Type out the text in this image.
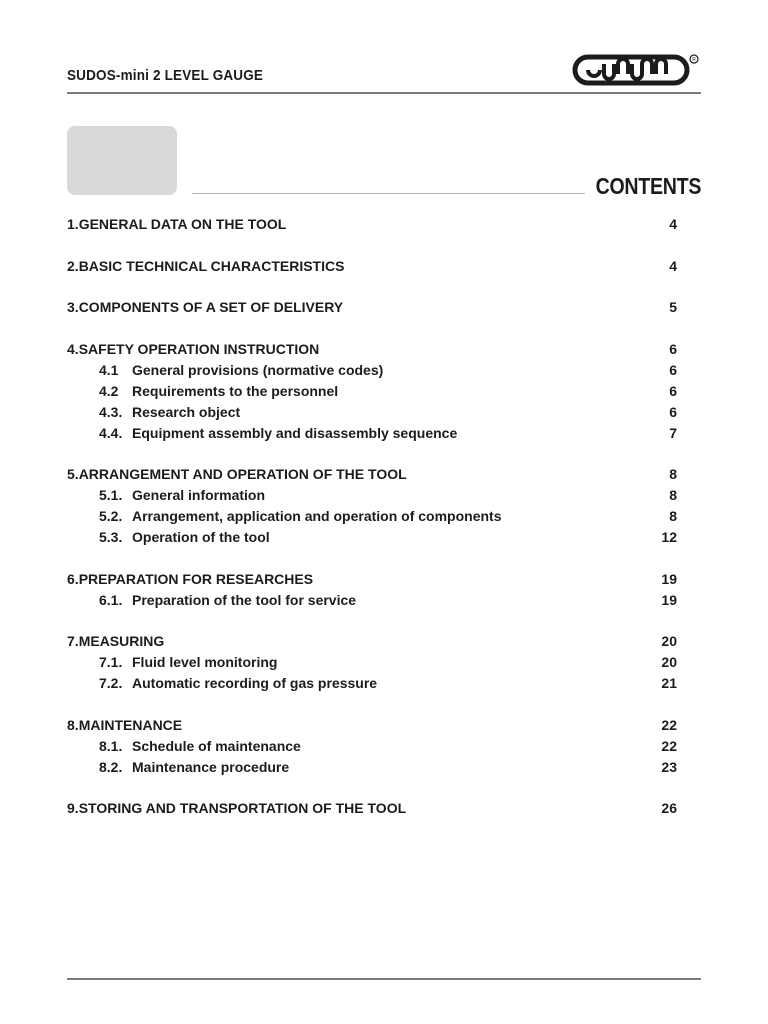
SUDOS-mini 2 LEVEL GAUGE
R
CONTENTS
1.GENERAL DATA ON THE TOOL	4
2.BASIC TECHNICAL CHARACTERISTICS	4
3.COMPONENTS OF A SET OF DELIVERY	5
4.SAFETY OPERATION INSTRUCTION	6
4.1 General provisions (normative codes)	6
4.2 Requirements to the personnel	6
4.3. Research object	6
4.4. Equipment assembly and disassembly sequence	7
5.ARRANGEMENT AND OPERATION OF THE TOOL	8
5.1. General information	8
5.2. Arrangement, application and operation of components	8
5.3. Operation of the tool	12
6.PREPARATION FOR RESEARCHES	19
6.1. Preparation of the tool for service	19
7.MEASURING	20
7.1. Fluid level monitoring	20
7.2. Automatic recording of gas pressure	21
8.MAINTENANCE	22
8.1. Schedule of maintenance	22
8.2. Maintenance procedure	23
9.STORING AND TRANSPORTATION OF THE TOOL	26
